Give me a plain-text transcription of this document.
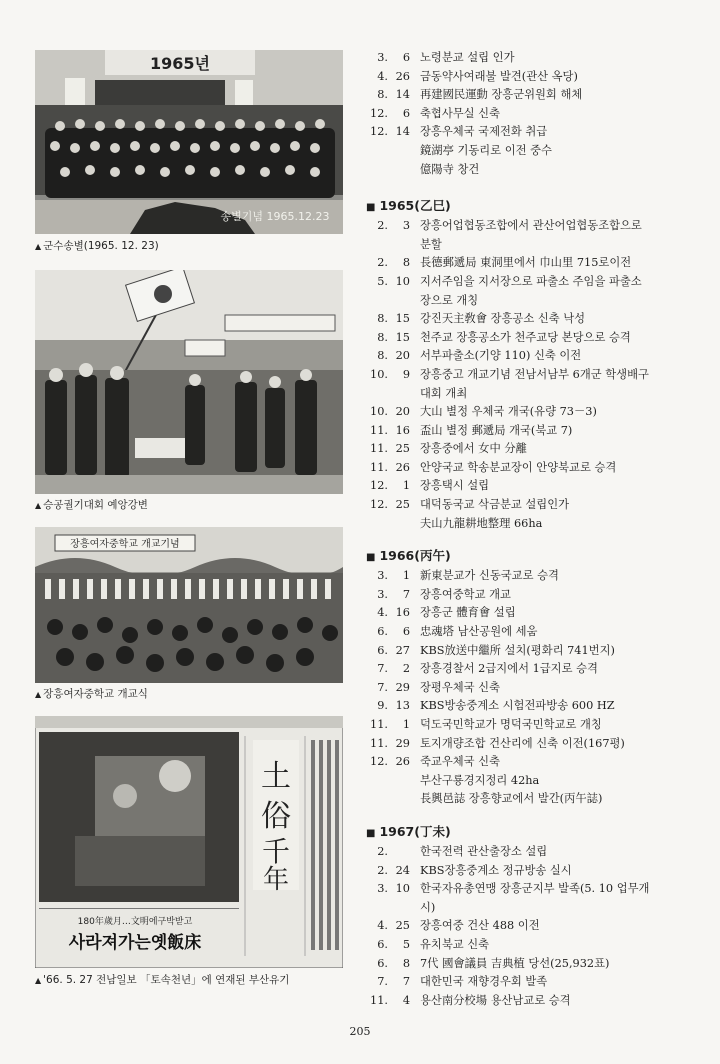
1965년
송별기념 1965.12.23
▲ 군수송별(1965. 12. 23)
▲ 승공궐기대회 예앙강변
장흥여자중학교 개교기념
▲ 장흥여자중학교 개교식
土
俗
千
年
180年歲月…文明에구박받고
사라져가는옛飯床
▲ '66. 5. 27 전남일보 「토속천년」에 연재된 부산유기
3.	6 노령분교 설립 인가
4. 26 금동약사여래불 발견(관산 옥당)
8. 14 再建國民運動 장흥군위원회 해체
12.	6 축협사무실 신축
12. 14 장흥우체국 국제전화 취급
鏡湖亭 기동리로 이전 중수
億陽寺 창건
■ 1965(乙巳)
2.	3 장흥어업협동조합에서 관산어업협동조합으로
분할
2.	8 長德郵遞局 東洞里에서 巾山里 715로이전
5. 10 지서주임을 지서장으로 파출소 주임을 파출소
장으로 개칭
8. 15 강진天主敎會 장흥공소 신축 낙성
8. 15 천주교 장흥공소가 천주교당 본당으로 승격
8. 20 서부파출소(기양 110) 신축 이전
10.	9 장흥중고 개교기념 전남서남부 6개군 학생배구
대회 개최
10. 20 大山 별정 우체국 개국(유량 73－3)
11. 16 盃山 별정 郵遞局 개국(북교 7)
11. 25 장흥중에서 女中 分離
11. 26 안양국교 학송분교장이 안양북교로 승격
12.	1 장흥택시 설립
12. 25 대덕동국교 삭금분교 설립인가
夫山九龍耕地整理 66ha
■ 1966(丙午)
3.	1 新東분교가 신동국교로 승격
3.	7 장흥여중학교 개교
4. 16 장흥군 體育會 설립
6.	6 忠魂塔 남산공원에 세움
6. 27 KBS放送中繼所 설치(평화리 741번지)
7.	2 장흥경찰서 2급지에서 1급지로 승격
7. 29 장평우체국 신축
9. 13 KBS방송중계소 시험전파방송 600 HZ
11.	1 덕도국민학교가 명덕국민학교로 개칭
11. 29 토지개량조합 건산리에 신축 이전(167평)
12. 26 죽교우체국 신축
부산구룡경지정리 42ha
長興邑誌 장흥향교에서 발간(丙午誌)
■ 1967(丁未)
2.	한국전력 관산출장소 설립
2. 24 KBS장흥중계소 정규방송 실시
3. 10 한국자유총연맹 장흥군지부 발족(5. 10 업무개
시)
4. 25 장흥여중 건산 488 이전
6.	5 유치북교 신축
6.	8 7代 國會議員 吉典植 당선(25,932표)
7.	7 대한민국 재향경우회 발족
11.	4 용산南分校場 용산남교로 승격
205
